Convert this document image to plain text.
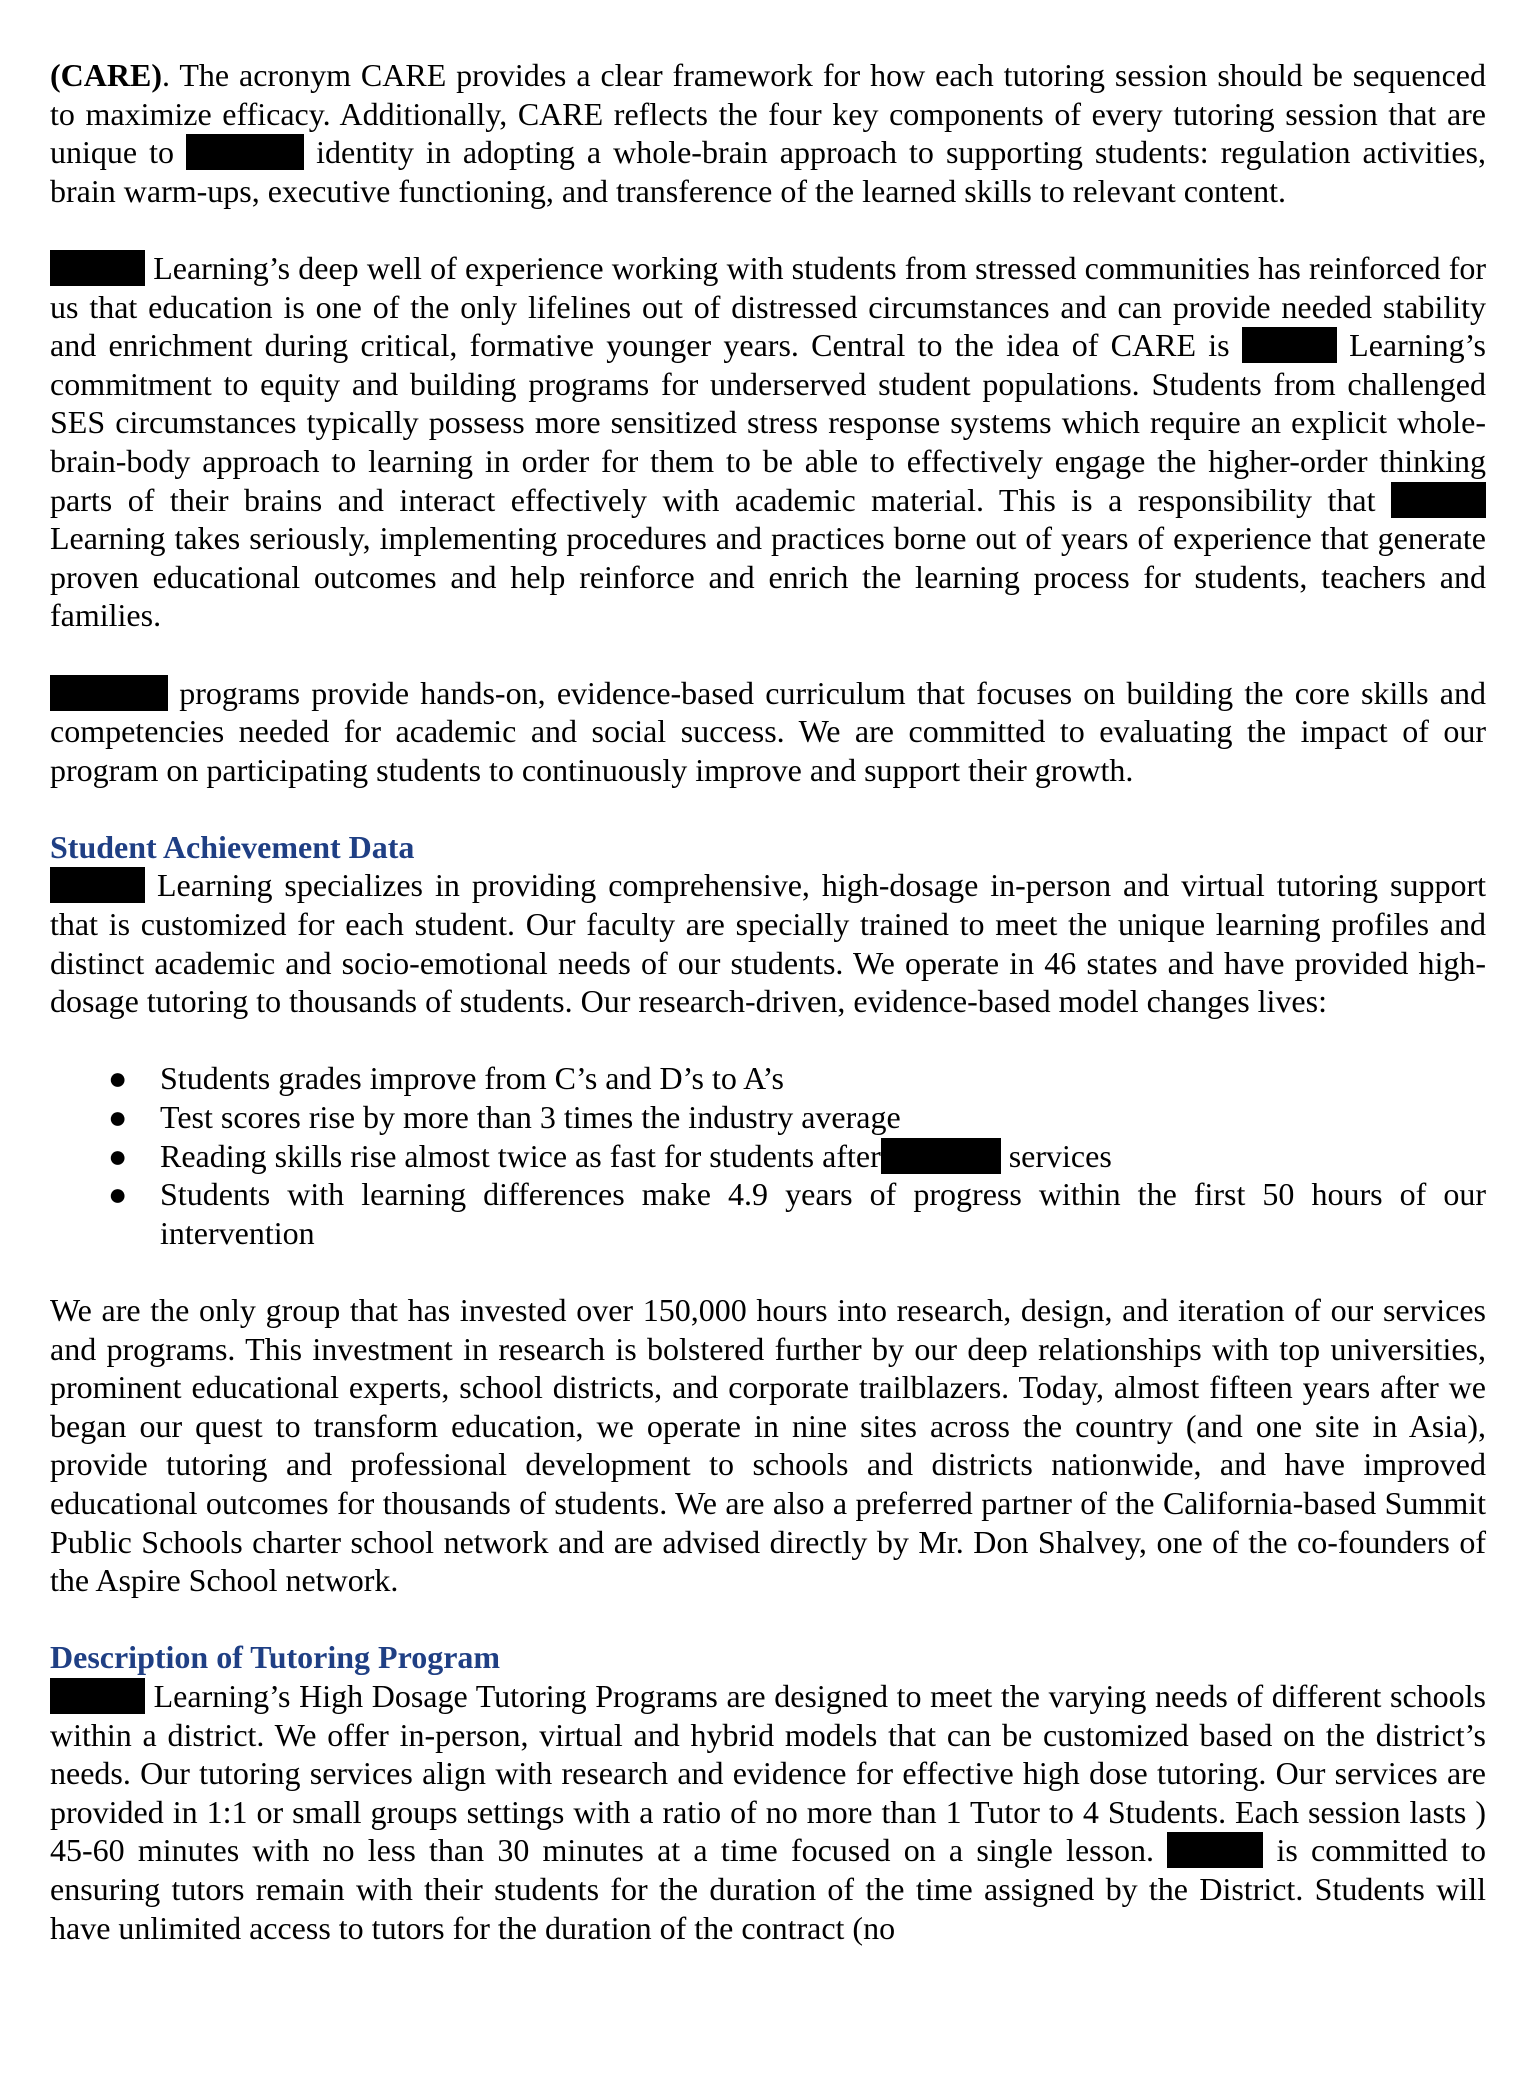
(CARE). The acronym CARE provides a clear framework for how each tutoring session should be sequenced to maximize efficacy. Additionally, CARE reflects the four key components of every tutoring session that are unique to	identity in adopting a whole-brain approach to supporting students: regulation activities, brain warm-ups, executive functioning, and transference of the learned skills to relevant content.

Learning’s deep well of experience working with students from stressed communities has reinforced for us that education is one of the only lifelines out of distressed circumstances and can provide needed stability and enrichment during critical, formative younger years. Central to the idea of CARE is	Learning’s commitment to equity and building programs for underserved student populations. Students from challenged SES circumstances typically possess more sensitized stress response systems which require an explicit whole-brain-body approach to learning in order for them to be able to effectively engage the higher-order thinking parts of their brains and interact effectively with academic material. This is a responsibility that  Learning takes seriously, implementing procedures and practices borne out of years of experience that generate proven educational outcomes and help reinforce and enrich the learning process for students, teachers and families.

programs provide hands-on, evidence-based curriculum that focuses on building the core skills and competencies needed for academic and social success. We are committed to evaluating the impact of our program on participating students to continuously improve and support their growth.

Student Achievement Data

Learning specializes in providing comprehensive, high-dosage in-person and virtual tutoring support that is customized for each student. Our faculty are specially trained to meet the unique learning profiles and distinct academic and socio-emotional needs of our students. We operate in 46 states and have provided high-dosage tutoring to thousands of students. Our research-driven, evidence-based model changes lives:

● Students grades improve from C’s and D’s to A’s
● Test scores rise by more than 3 times the industry average
● Reading skills rise almost twice as fast for students after	services
● Students with learning differences make 4.9 years of progress within the first 50 hours of our intervention

We are the only group that has invested over 150,000 hours into research, design, and iteration of our services and programs. This investment in research is bolstered further by our deep relationships with top universities, prominent educational experts, school districts, and corporate trailblazers. Today, almost fifteen years after we began our quest to transform education, we operate in nine sites across the country (and one site in Asia), provide tutoring and professional development to schools and districts nationwide, and have improved educational outcomes for thousands of students. We are also a preferred partner of the California-based Summit Public Schools charter school network and are advised directly by Mr. Don Shalvey, one of the co-founders of the Aspire School network.

Description of Tutoring Program

Learning’s High Dosage Tutoring Programs are designed to meet the varying needs of different schools within a district. We offer in-person, virtual and hybrid models that can be customized based on the district’s needs. Our tutoring services align with research and evidence for effective high dose tutoring. Our services are provided in 1:1 or small groups settings with a ratio of no more than 1 Tutor to 4 Students. Each session lasts ) 45-60 minutes with no less than 30 minutes at a time focused on a single lesson.	is committed to ensuring tutors remain with their students for the duration of the time assigned by the District. Students will have unlimited access to tutors for the duration of the contract (no
